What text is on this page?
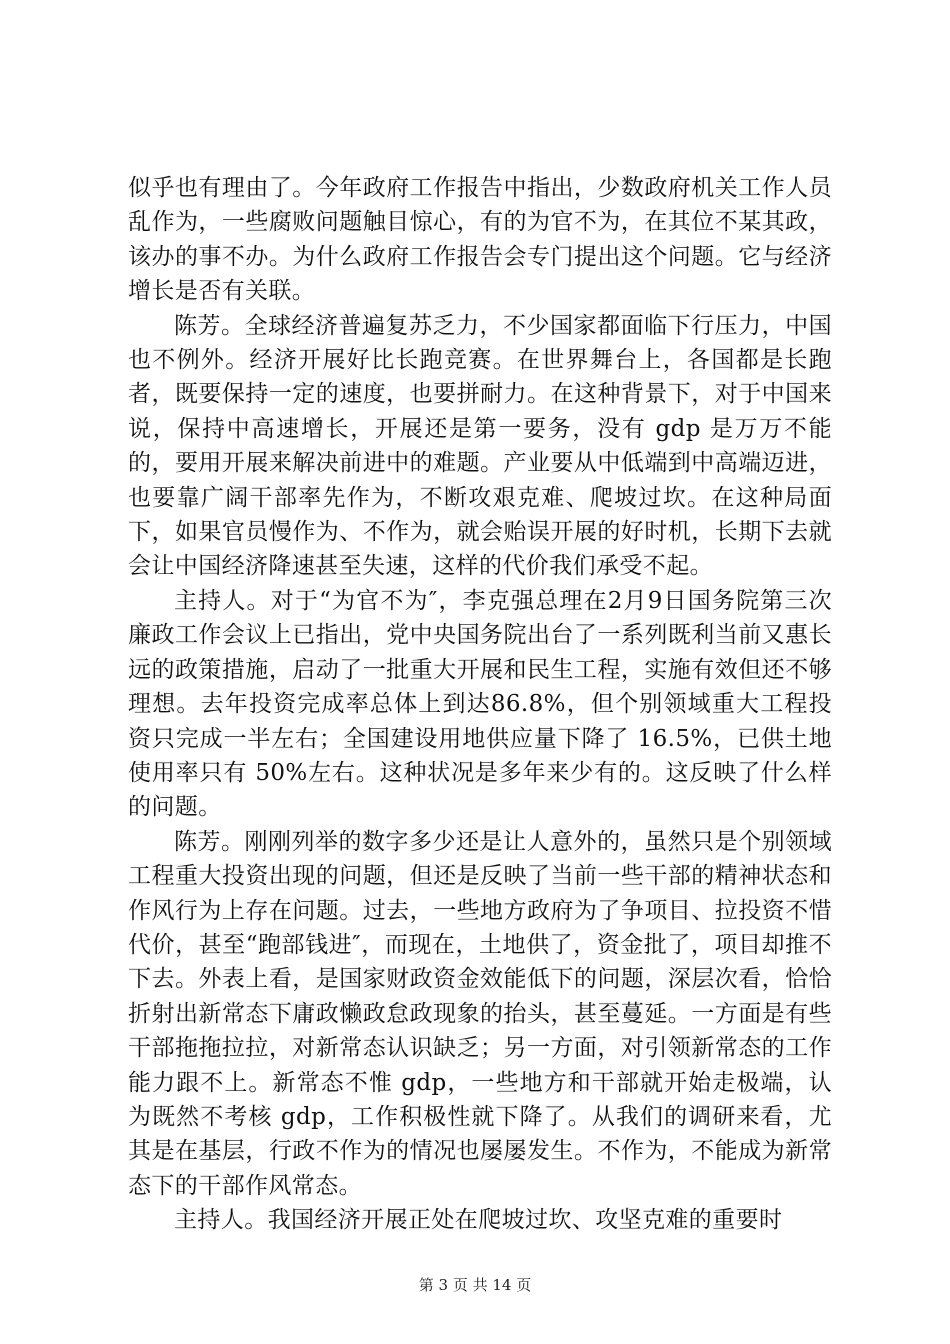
似乎也有理由了。今年政府工作报告中指出，少数政府机关工作人员乱作为，一些腐败问题触目惊心，有的为官不为，在其位不某其政，该办的事不办。为什么政府工作报告会专门提出这个问题。它与经济增长是否有关联。

陈芳。全球经济普遍复苏乏力，不少国家都面临下行压力，中国也不例外。经济开展好比长跑竞赛。在世界舞台上，各国都是长跑者，既要保持一定的速度，也要拼耐力。在这种背景下，对于中国来说，保持中高速增长，开展还是第一要务，没有 gdp 是万万不能的，要用开展来解决前进中的难题。产业要从中低端到中高端迈进，也要靠广阔干部率先作为，不断攻艰克难、爬坡过坎。在这种局面下，如果官员慢作为、不作为，就会贻误开展的好时机，长期下去就会让中国经济降速甚至失速，这样的代价我们承受不起。

主持人。对于“为官不为″，李克强总理在2月9日国务院第三次廉政工作会议上已指出，党中央国务院出台了一系列既利当前又惠长远的政策措施，启动了一批重大开展和民生工程，实施有效但还不够理想。去年投资完成率总体上到达86.8%，但个别领域重大工程投资只完成一半左右；全国建设用地供应量下降了 16.5%，已供土地使用率只有 50%左右。这种状况是多年来少有的。这反映了什么样的问题。

陈芳。刚刚列举的数字多少还是让人意外的，虽然只是个别领域工程重大投资出现的问题，但还是反映了当前一些干部的精神状态和作风行为上存在问题。过去，一些地方政府为了争项目、拉投资不惜代价，甚至“跑部钱进″，而现在，土地供了，资金批了，项目却推不下去。外表上看，是国家财政资金效能低下的问题，深层次看，恰恰折射出新常态下庸政懒政怠政现象的抬头，甚至蔓延。一方面是有些干部拖拖拉拉，对新常态认识缺乏；另一方面，对引领新常态的工作能力跟不上。新常态不惟 gdp，一些地方和干部就开始走极端，认为既然不考核 gdp，工作积极性就下降了。从我们的调研来看，尤其是在基层，行政不作为的情况也屡屡发生。不作为，不能成为新常态下的干部作风常态。

主持人。我国经济开展正处在爬坡过坎、攻坚克难的重要时

第 3 页 共 14 页
